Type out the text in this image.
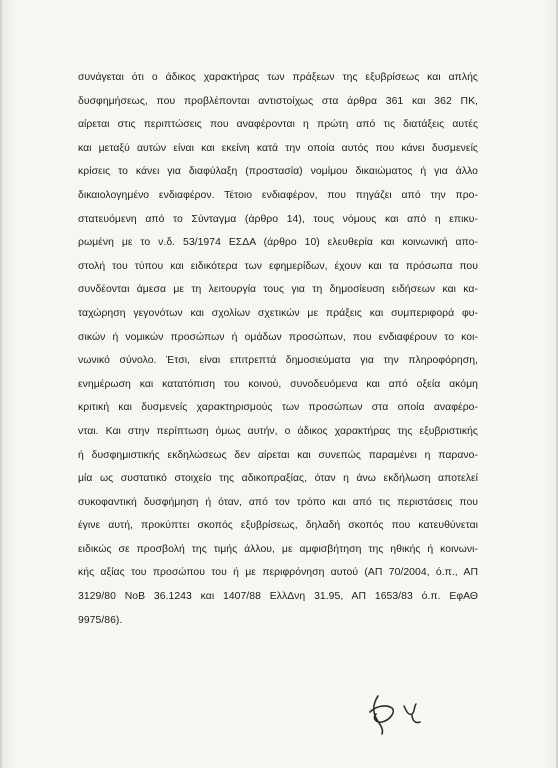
συνάγεται ότι ο άδικος χαρακτήρας των πράξεων της εξυβρίσεως και απλής
δυσφημήσεως, που προβλέπονται αντιστοίχως στα άρθρα 361 και 362 ΠΚ,
αίρεται στις περιπτώσεις που αναφέρονται η πρώτη από τις διατάξεις αυτές
και μεταξύ αυτών είναι και εκείνη κατά την οποία αυτός που κάνει δυσμενείς
κρίσεις το κάνει για διαφύλαξη (προστασία) νομίμου δικαιώματος ή για άλλο
δικαιολογημένο ενδιαφέρον. Τέτοιο ενδιαφέρον, που πηγάζει από την προ-
στατευόμενη από το Σύνταγμα (άρθρο 14), τους νόμους και από η επικυ-
ρωμένη με το ν.δ. 53/1974 ΕΣΔΑ (άρθρο 10) ελευθερία και κοινωνική απο-
στολή του τύπου και ειδικότερα των εφημερίδων, έχουν και τα πρόσωπα που
συνδέονται άμεσα με τη λειτουργία τους για τη δημοσίευση ειδήσεων και κα-
ταχώρηση γεγονότων και σχολίων σχετικών με πράξεις και συμπεριφορά φυ-
σικών ή νομικών προσώπων ή ομάδων προσώπων, που ενδιαφέρουν το κοι-
νωνικό σύνολο. Έτσι, είναι επιτρεπτά δημοσιεύματα για την πληροφόρηση,
ενημέρωση και κατατόπιση του κοινού, συνοδευόμενα και από οξεία ακόμη
κριτική και δυσμενείς χαρακτηρισμούς των προσώπων στα οποία αναφέρο-
νται. Και στην περίπτωση όμως αυτήν, ο άδικος χαρακτήρας της εξυβριστικής
ή δυσφημιστικής εκδηλώσεως δεν αίρεται και συνεπώς παραμένει η παρανο-
μία ως συστατικό στοιχείο της αδικοπραξίας, όταν η άνω εκδήλωση αποτελεί
συκοφαντική δυσφήμηση ή όταν, από τον τρόπο και από τις περιστάσεις που
έγινε αυτή, προκύπτει σκοπός εξυβρίσεως, δηλαδή σκοπός που κατευθύνεται
ειδικώς σε προσβολή της τιμής άλλου, με αμφισβήτηση της ηθικής ή κοινωνι-
κής αξίας του προσώπου του ή με περιφρόνηση αυτού (ΑΠ 70/2004, ό.π., ΑΠ
3129/80 ΝοΒ 36.1243 και 1407/88 ΕλλΔνη 31.95, ΑΠ 1653/83 ό.π. ΕφΑΘ
9975/86).
